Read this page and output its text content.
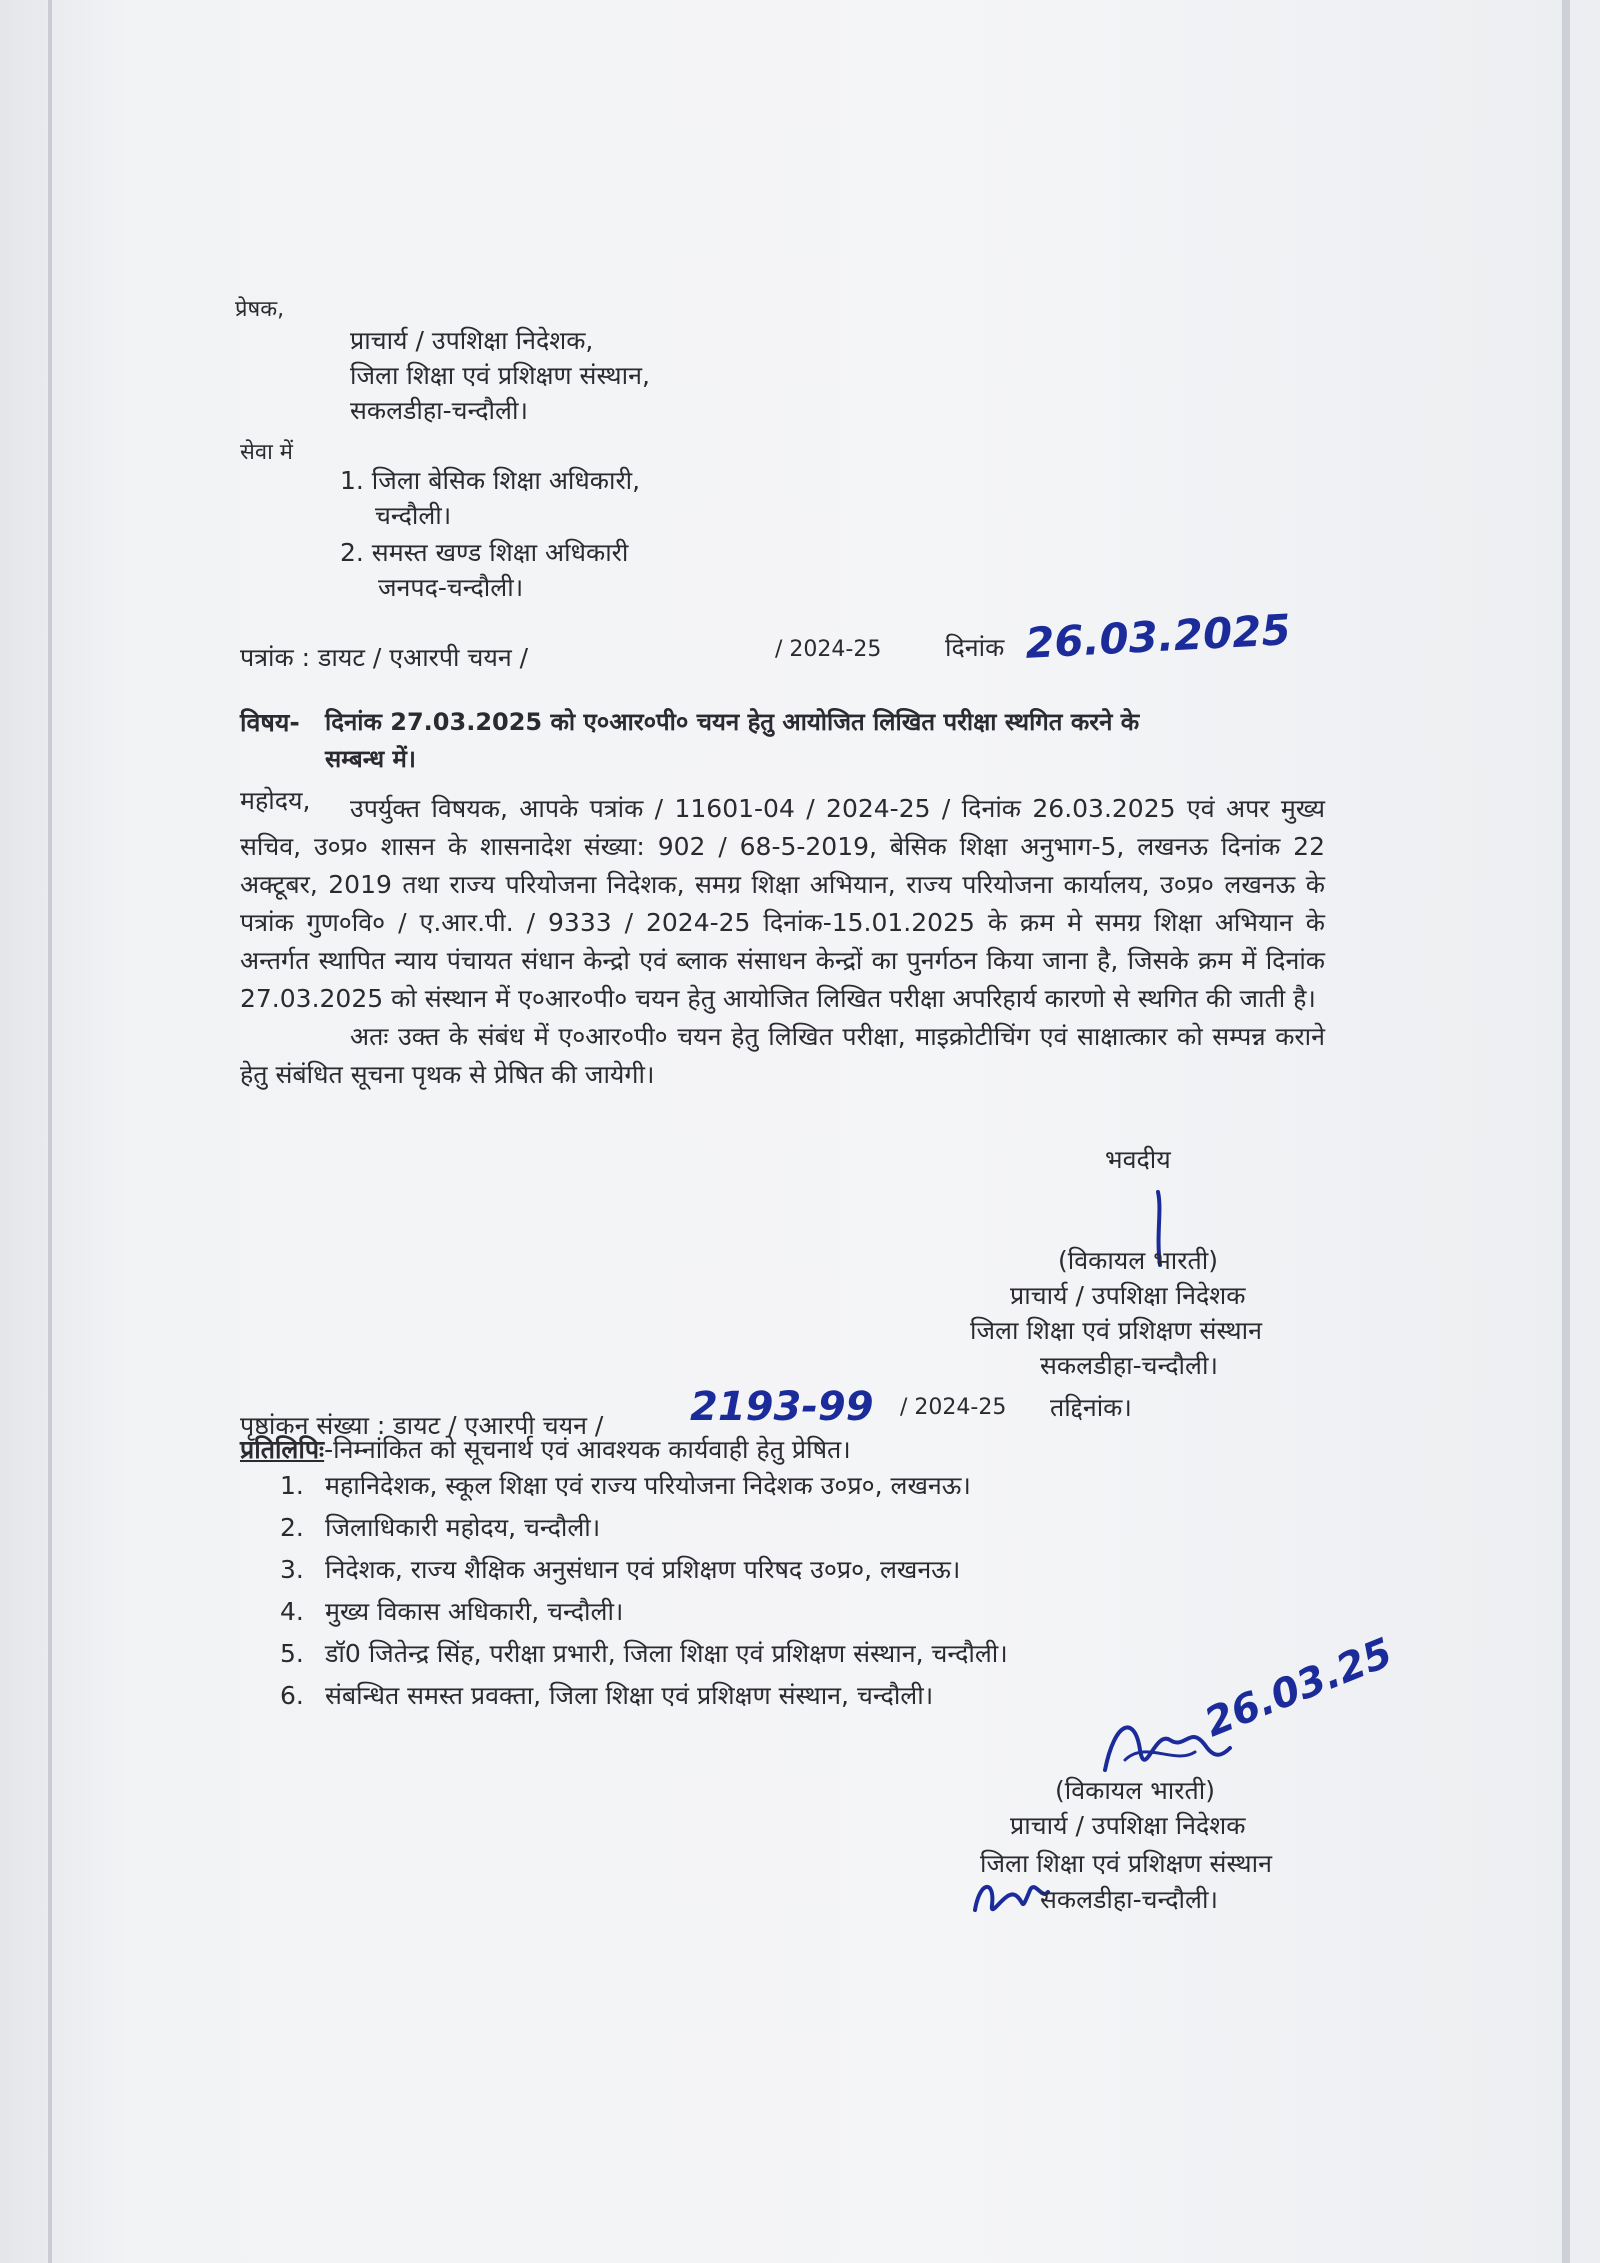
प्रेषक,
प्राचार्य / उपशिक्षा निदेशक,
जिला शिक्षा एवं प्रशिक्षण संस्थान,
सकलडीहा-चन्दौली।
सेवा में
1. जिला बेसिक शिक्षा अधिकारी,
चन्दौली।
2. समस्त खण्ड शिक्षा अधिकारी
जनपद-चन्दौली।
पत्रांक : डायट / एआरपी चयन /	/ 2024-25	दिनांक 26.03.2025
विषय- दिनांक 27.03.2025 को ए०आर०पी० चयन हेतु आयोजित लिखित परीक्षा स्थगित करने के
सम्बन्ध में।
महोदय,	उपर्युक्त विषयक, आपके पत्रांक / 11601-04 / 2024-25 / दिनांक 26.03.2025 एवं अपर मुख्य सचिव, उ०प्र० शासन के शासनादेश संख्या: 902 / 68-5-2019, बेसिक शिक्षा अनुभाग-5, लखनऊ दिनांक 22 अक्टूबर, 2019 तथा राज्य परियोजना निदेशक, समग्र शिक्षा अभियान, राज्य परियोजना कार्यालय, उ०प्र० लखनऊ के पत्रांक गुण०वि० / ए.आर.पी. / 9333 / 2024-25 दिनांक-15.01.2025 के क्रम मे समग्र शिक्षा अभियान के अन्तर्गत स्थापित न्याय पंचायत संधान केन्द्रो एवं ब्लाक संसाधन केन्द्रों का पुनर्गठन किया जाना है, जिसके क्रम में दिनांक 27.03.2025 को संस्थान में ए०आर०पी० चयन हेतु आयोजित लिखित परीक्षा अपरिहार्य कारणो से स्थगित की जाती है।

अतः उक्त के संबंध में ए०आर०पी० चयन हेतु लिखित परीक्षा, माइक्रोटीचिंग एवं साक्षात्कार को सम्पन्न कराने हेतु संबंधित सूचना पृथक से प्रेषित की जायेगी।

भवदीय
(विकायल भारती)
प्राचार्य / उपशिक्षा निदेशक
जिला शिक्षा एवं प्रशिक्षण संस्थान
सकलडीहा-चन्दौली।
पृष्ठांकन संख्या : डायट / एआरपी चयन / 2193-99 / 2024-25 तद्दिनांक।
प्रतिलिपिः-निम्नांकित को सूचनार्थ एवं आवश्यक कार्यवाही हेतु प्रेषित।
1. महानिदेशक, स्कूल शिक्षा एवं राज्य परियोजना निदेशक उ०प्र०, लखनऊ।
2. जिलाधिकारी महोदय, चन्दौली।
3. निदेशक, राज्य शैक्षिक अनुसंधान एवं प्रशिक्षण परिषद उ०प्र०, लखनऊ।
4. मुख्य विकास अधिकारी, चन्दौली।
5. डॉ0 जितेन्द्र सिंह, परीक्षा प्रभारी, जिला शिक्षा एवं प्रशिक्षण संस्थान, चन्दौली।
6. संबन्धित समस्त प्रवक्ता, जिला शिक्षा एवं प्रशिक्षण संस्थान, चन्दौली।	26.03.25
(विकायल भारती)
प्राचार्य / उपशिक्षा निदेशक
जिला शिक्षा एवं प्रशिक्षण संस्थान
सकलडीहा-चन्दौली।
